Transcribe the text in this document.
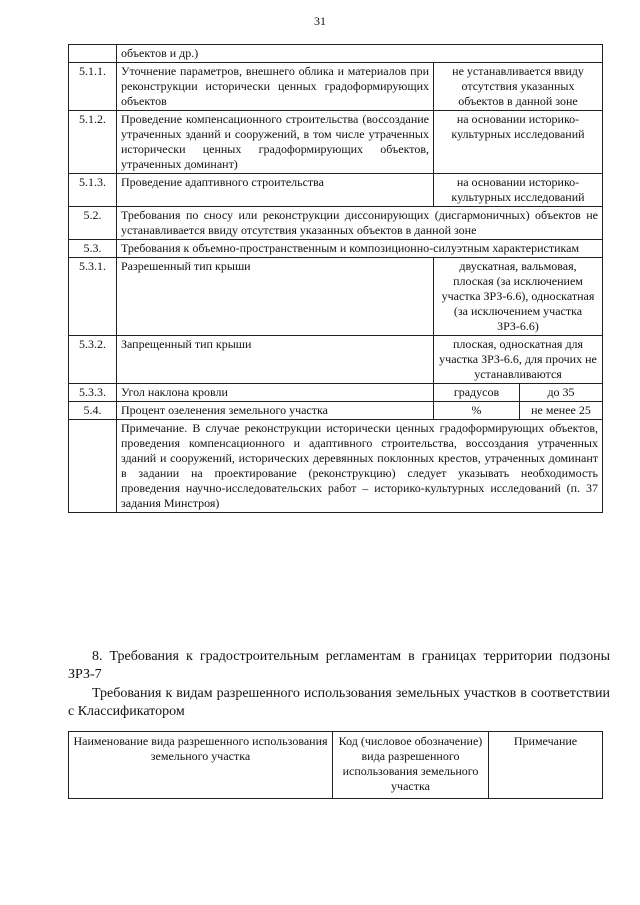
31
	объектов и др.)		
5.1.1.	Уточнение параметров, внешнего облика и материалов при реконструкции исторически ценных градоформирующих объектов	не устанавливается ввиду отсутствия указанных объектов в данной зоне	
5.1.2.	Проведение компенсационного строительства (воссоздание утраченных зданий и сооружений, в том числе утраченных исторически ценных градоформирующих объектов, утраченных доминант)	на основании историко-культурных исследований	
5.1.3.	Проведение адаптивного строительства	на основании историко-культурных исследований	
5.2.	Требования по сносу или реконструкции диссонирующих (дисгармоничных) объектов не устанавливается ввиду отсутствия указанных объектов в данной зоне		
5.3.	Требования к объемно-пространственным и композиционно-силуэтным характеристикам		
5.3.1.	Разрешенный тип крыши	двускатная, вальмовая, плоская (за исключением участка ЗРЗ-6.6), односкатная (за исключением участка ЗРЗ-6.6)	
5.3.2.	Запрещенный тип крыши	плоская, односкатная для участка ЗРЗ-6.6, для прочих не устанавливаются	
5.3.3.	Угол наклона кровли	градусов	до 35
5.4.	Процент озеленения земельного участка	%	не менее 25
	Примечание. В случае реконструкции исторически ценных градоформирующих объектов, проведения компенсационного и адаптивного строительства, воссоздания утраченных зданий и сооружений, исторических деревянных поклонных крестов, утраченных доминант в задании на проектирование (реконструкцию) следует указывать необходимость проведения научно-исследовательских работ – историко-культурных исследований (п. 37 задания Минстроя)		
8. Требования к градостроительным регламентам в границах территории подзоны ЗРЗ-7
Требования к видам разрешенного использования земельных участков в соответствии с Классификатором
Наименование вида разрешенного использования земельного участка	Код (числовое обозначение) вида разрешенного использования земельного участка	Примечание
